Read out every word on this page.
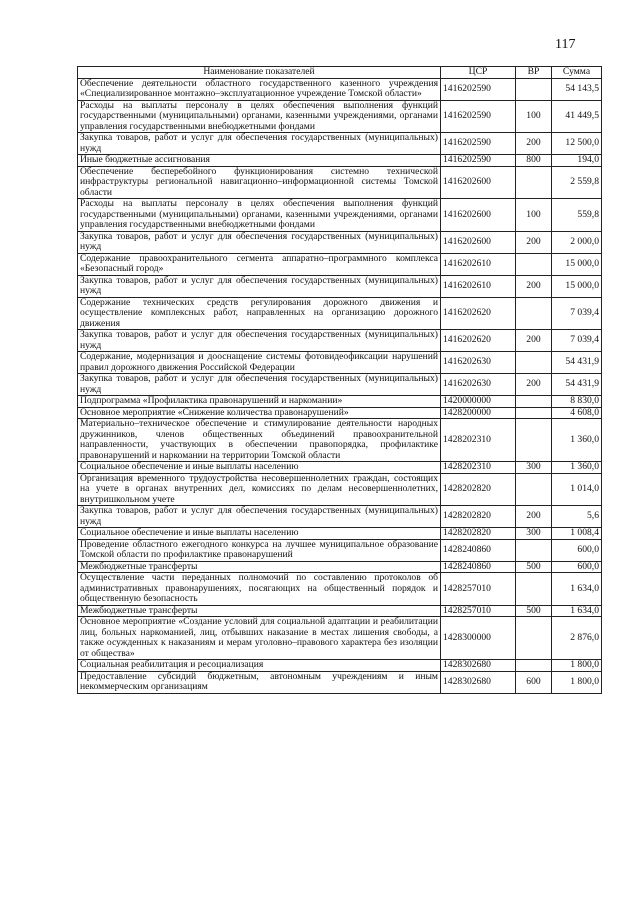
117
Наименование показателей	ЦСР	ВР	Сумма
Обеспечение деятельности областного государственного казенного учреждения «Специализированное монтажно–эксплуатационное учреждение Томской области»	1416202590		54 143,5
Расходы на выплаты персоналу в целях обеспечения выполнения функций государственными (муниципальными) органами, казенными учреждениями, органами управления государственными внебюджетными фондами	1416202590	100	41 449,5
Закупка товаров, работ и услуг для обеспечения государственных (муниципальных) нужд	1416202590	200	12 500,0
Иные бюджетные ассигнования	1416202590	800	194,0
Обеспечение бесперебойного функционирования системно технической инфраструктуры региональной навигационно–информационной системы Томской области	1416202600		2 559,8
Расходы на выплаты персоналу в целях обеспечения выполнения функций государственными (муниципальными) органами, казенными учреждениями, органами управления государственными внебюджетными фондами	1416202600	100	559,8
Закупка товаров, работ и услуг для обеспечения государственных (муниципальных) нужд	1416202600	200	2 000,0
Содержание правоохранительного сегмента аппаратно–программного комплекса «Безопасный город»	1416202610		15 000,0
Закупка товаров, работ и услуг для обеспечения государственных (муниципальных) нужд	1416202610	200	15 000,0
Содержание технических средств регулирования дорожного движения и осуществление комплексных работ, направленных на организацию дорожного движения	1416202620		7 039,4
Закупка товаров, работ и услуг для обеспечения государственных (муниципальных) нужд	1416202620	200	7 039,4
Содержание, модернизация и дооснащение системы фотовидеофиксации нарушений правил дорожного движения Российской Федерации	1416202630		54 431,9
Закупка товаров, работ и услуг для обеспечения государственных (муниципальных) нужд	1416202630	200	54 431,9
Подпрограмма «Профилактика правонарушений и наркомании»	1420000000		8 830,0
Основное мероприятие «Снижение количества правонарушений»	1428200000		4 608,0
Материально–техническое обеспечение и стимулирование деятельности народных дружинников, членов общественных объединений правоохранительной направленности, участвующих в обеспечении правопорядка, профилактике правонарушений и наркомании на территории Томской области	1428202310		1 360,0
Социальное обеспечение и иные выплаты населению	1428202310	300	1 360,0
Организация временного трудоустройства несовершеннолетних граждан, состоящих на учете в органах внутренних дел, комиссиях по делам несовершеннолетних, внутришкольном учете	1428202820		1 014,0
Закупка товаров, работ и услуг для обеспечения государственных (муниципальных) нужд	1428202820	200	5,6
Социальное обеспечение и иные выплаты населению	1428202820	300	1 008,4
Проведение областного ежегодного конкурса на лучшее муниципальное образование Томской области по профилактике правонарушений	1428240860		600,0
Межбюджетные трансферты	1428240860	500	600,0
Осуществление части переданных полномочий по составлению протоколов об административных правонарушениях, посягающих на общественный порядок и общественную безопасность	1428257010		1 634,0
Межбюджетные трансферты	1428257010	500	1 634,0
Основное мероприятие «Создание условий для социальной адаптации и реабилитации лиц, больных наркоманией, лиц, отбывших наказание в местах лишения свободы, а также осужденных к наказаниям и мерам уголовно–правового характера без изоляции от общества»	1428300000		2 876,0
Социальная реабилитация и ресоциализация	1428302680		1 800,0
Предоставление субсидий бюджетным, автономным учреждениям и иным некоммерческим организациям	1428302680	600	1 800,0
